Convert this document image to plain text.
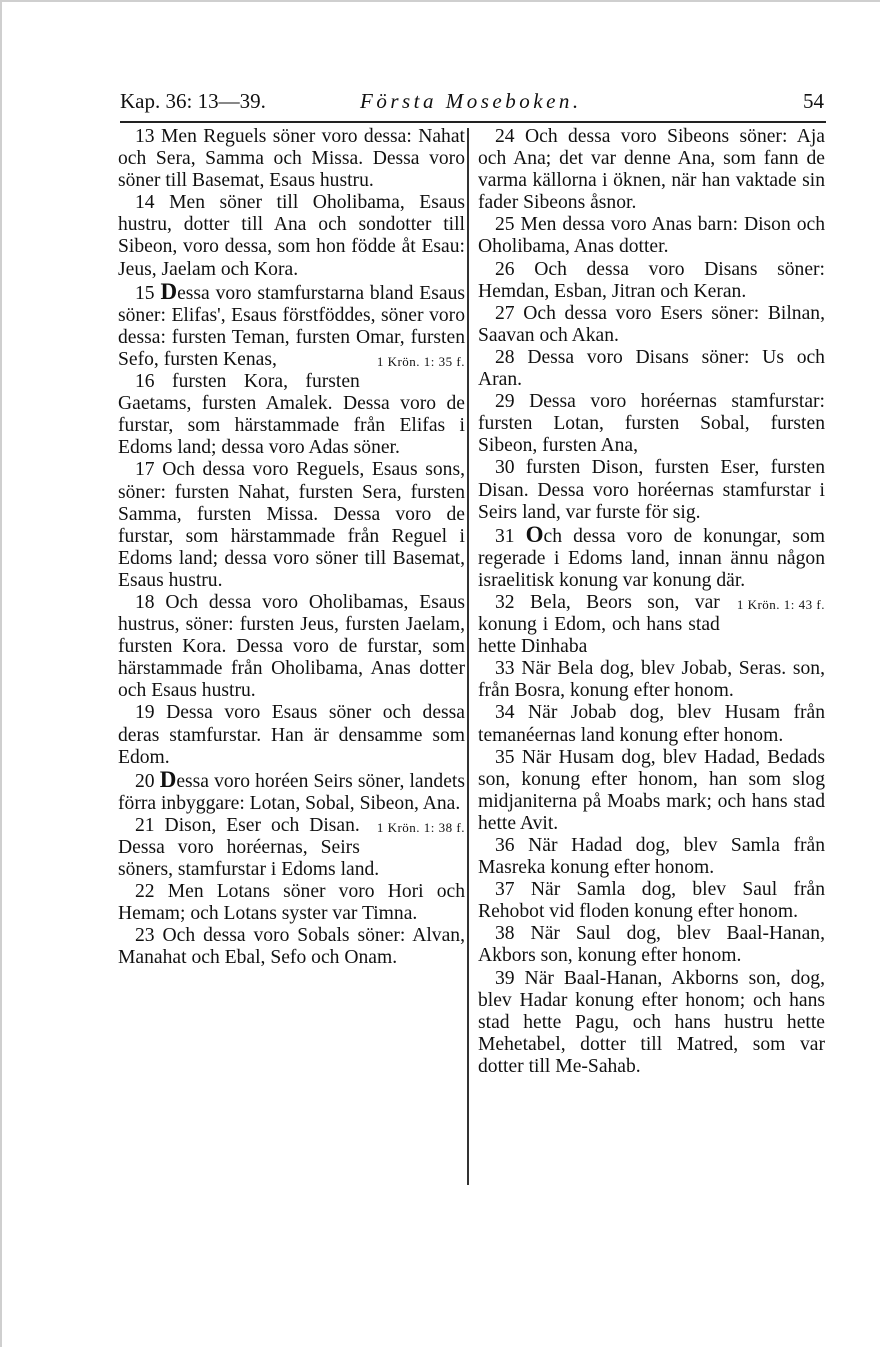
Kap. 36: 13—39.	Första Moseboken.	54

13 Men Reguels söner voro dessa: Nahat och Sera, Samma och Missa. Dessa voro söner till Basemat, Esaus hustru.

14 Men söner till Oholibama, Esaus hustru, dotter till Ana och sondotter till Sibeon, voro dessa, som hon födde åt Esau: Jeus, Jaelam och Kora.

15 Dessa voro stamfurstarna bland Esaus söner: Elifas', Esaus förstföddes, söner voro dessa: fursten Teman, fursten Omar, fursten Sefo, fursten Kenas,	1 Krön. 1: 35 f.

16 fursten Kora, fursten Gaetams, fursten Amalek. Dessa voro de furstar, som härstammade från Elifas i Edoms land; dessa voro Adas söner.

17 Och dessa voro Reguels, Esaus sons, söner: fursten Nahat, fursten Sera, fursten Samma, fursten Missa. Dessa voro de furstar, som härstammade från Reguel i Edoms land; dessa voro söner till Basemat, Esaus hustru.

18 Och dessa voro Oholibamas, Esaus hustrus, söner: fursten Jeus, fursten Jaelam, fursten Kora. Dessa voro de furstar, som härstammade från Oholibama, Anas dotter och Esaus hustru.

19 Dessa voro Esaus söner och dessa deras stamfurstar. Han är densamme som Edom.

20 Dessa voro horéen Seirs söner, landets förra inbyggare: Lotan, Sobal, Sibeon, Ana.
1 Krön. 1: 38 f.

21 Dison, Eser och Disan. Dessa voro horéernas, Seirs söners, stamfurstar i Edoms land.

22 Men Lotans söner voro Hori och Hemam; och Lotans syster var Timna.

23 Och dessa voro Sobals söner: Alvan, Manahat och Ebal, Sefo och Onam.

24 Och dessa voro Sibeons söner: Aja och Ana; det var denne Ana, som fann de varma källorna i öknen, när han vaktade sin fader Sibeons åsnor.

25 Men dessa voro Anas barn: Dison och Oholibama, Anas dotter.

26 Och dessa voro Disans söner: Hemdan, Esban, Jitran och Keran.

27 Och dessa voro Esers söner: Bilnan, Saavan och Akan.

28 Dessa voro Disans söner: Us och Aran.

29 Dessa voro horéernas stamfurstar: fursten Lotan, fursten Sobal, fursten Sibeon, fursten Ana,

30 fursten Dison, fursten Eser, fursten Disan. Dessa voro horéernas stamfurstar i Seirs land, var furste för sig.

31 Och dessa voro de konungar, som regerade i Edoms land, innan ännu någon israelitisk konung var konung där.
1 Krön. 1: 43 f.

32 Bela, Beors son, var konung i Edom, och hans stad hette Dinhaba

33 När Bela dog, blev Jobab, Seras. son, från Bosra, konung efter honom.

34 När Jobab dog, blev Husam från temanéernas land konung efter honom.

35 När Husam dog, blev Hadad, Bedads son, konung efter honom, han som slog midjaniterna på Moabs mark; och hans stad hette Avit.

36 När Hadad dog, blev Samla från Masreka konung efter honom.

37 När Samla dog, blev Saul från Rehobot vid floden konung efter honom.

38 När Saul dog, blev Baal-Hanan, Akbors son, konung efter honom.

39 När Baal-Hanan, Akborns son, dog, blev Hadar konung efter honom; och hans stad hette Pagu, och hans hustru hette Mehetabel, dotter till Matred, som var dotter till Me-Sahab.
